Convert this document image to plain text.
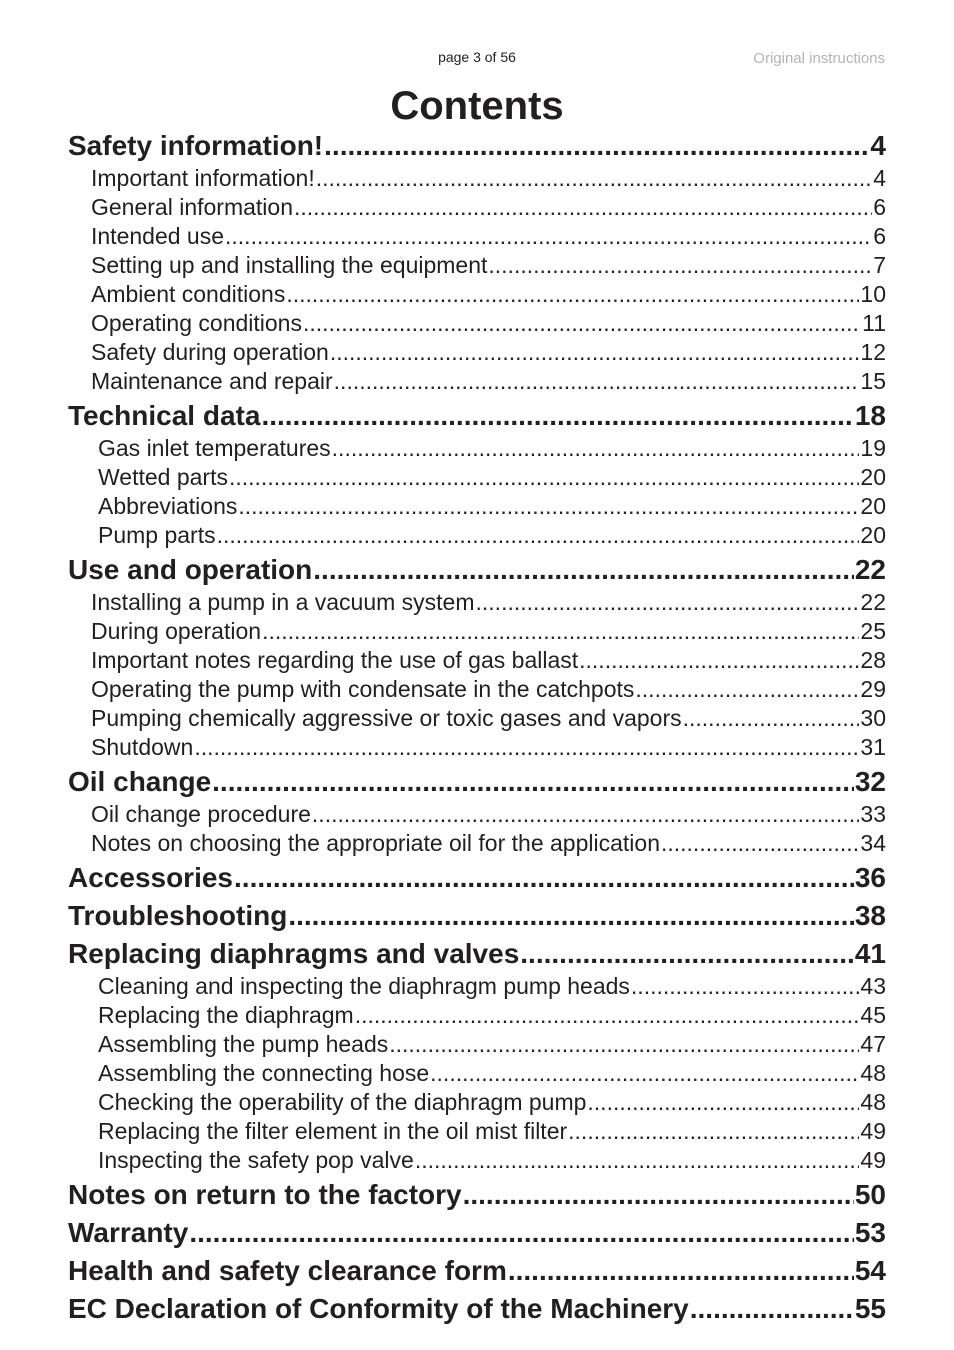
page 3 of 56	Original instructions
Contents
Safety information! .....	4
Important information! .....	4
General information .....	6
Intended use .....	6
Setting up and installing the equipment .....	7
Ambient conditions .....	10
Operating conditions .....	11
Safety during operation .....	12
Maintenance and repair .....	15
Technical data .....	18
Gas inlet temperatures .....	19
Wetted parts .....	20
Abbreviations .....	20
Pump parts .....	20
Use and operation .....	22
Installing a pump in a vacuum system .....	22
During operation .....	25
Important notes regarding the use of gas ballast .....	28
Operating the pump with condensate in the catchpots .....	29
Pumping chemically aggressive or toxic gases and vapors .....	30
Shutdown .....	31
Oil change .....	32
Oil change procedure .....	33
Notes on choosing the appropriate oil for the application .....	34
Accessories .....	36
Troubleshooting .....	38
Replacing diaphragms and valves .....	41
Cleaning and inspecting the diaphragm pump heads .....	43
Replacing the diaphragm .....	45
Assembling the pump heads .....	47
Assembling the connecting hose .....	48
Checking the operability of the diaphragm pump .....	48
Replacing the filter element in the oil mist filter .....	49
Inspecting the safety pop valve .....	49
Notes on return to the factory .....	50
Warranty .....	53
Health and safety clearance form .....	54
EC Declaration of Conformity of the Machinery .....	55
